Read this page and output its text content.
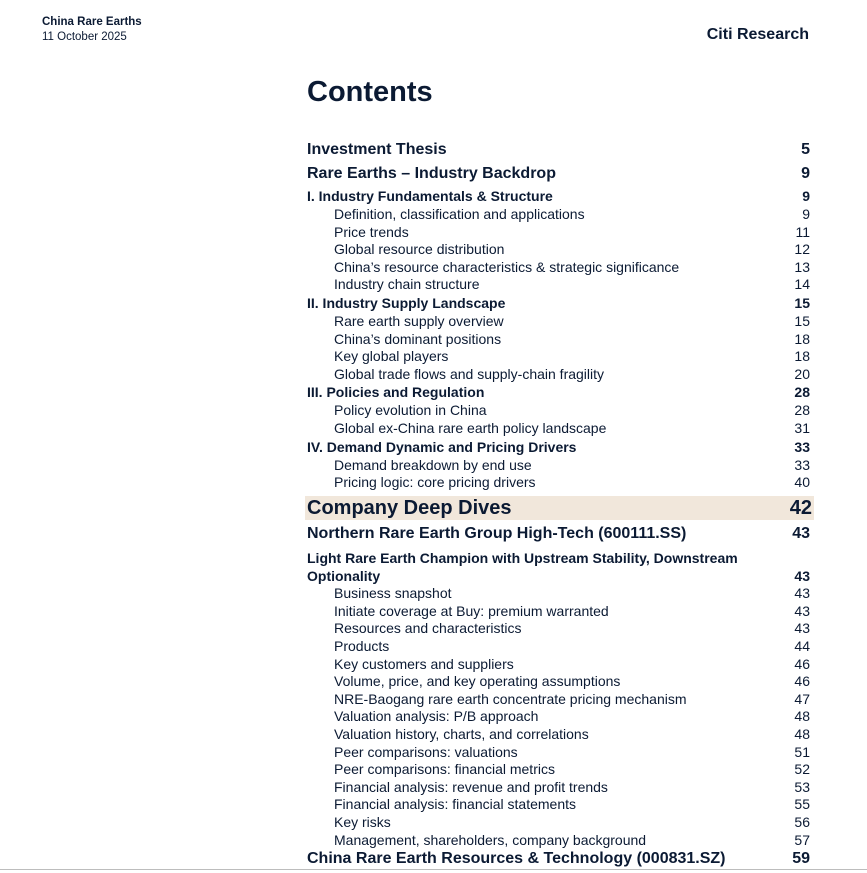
China Rare Earths
11 October 2025	Citi Research
Contents
Investment Thesis	5
Rare Earths – Industry Backdrop	9
I. Industry Fundamentals & Structure	9
Definition, classification and applications	9
Price trends	11
Global resource distribution	12
China’s resource characteristics & strategic significance	13
Industry chain structure	14
II. Industry Supply Landscape	15
Rare earth supply overview	15
China’s dominant positions	18
Key global players	18
Global trade flows and supply-chain fragility	20
III. Policies and Regulation	28
Policy evolution in China	28
Global ex-China rare earth policy landscape	31
IV. Demand Dynamic and Pricing Drivers	33
Demand breakdown by end use	33
Pricing logic: core pricing drivers	40
Company Deep Dives	42
Northern Rare Earth Group High-Tech (600111.SS)	43
Light Rare Earth Champion with Upstream Stability, Downstream Optionality	43
Business snapshot	43
Initiate coverage at Buy: premium warranted	43
Resources and characteristics	43
Products	44
Key customers and suppliers	46
Volume, price, and key operating assumptions	46
NRE-Baogang rare earth concentrate pricing mechanism	47
Valuation analysis: P/B approach	48
Valuation history, charts, and correlations	48
Peer comparisons: valuations	51
Peer comparisons: financial metrics	52
Financial analysis: revenue and profit trends	53
Financial analysis: financial statements	55
Key risks	56
Management, shareholders, company background	57
China Rare Earth Resources & Technology (000831.SZ)	59
